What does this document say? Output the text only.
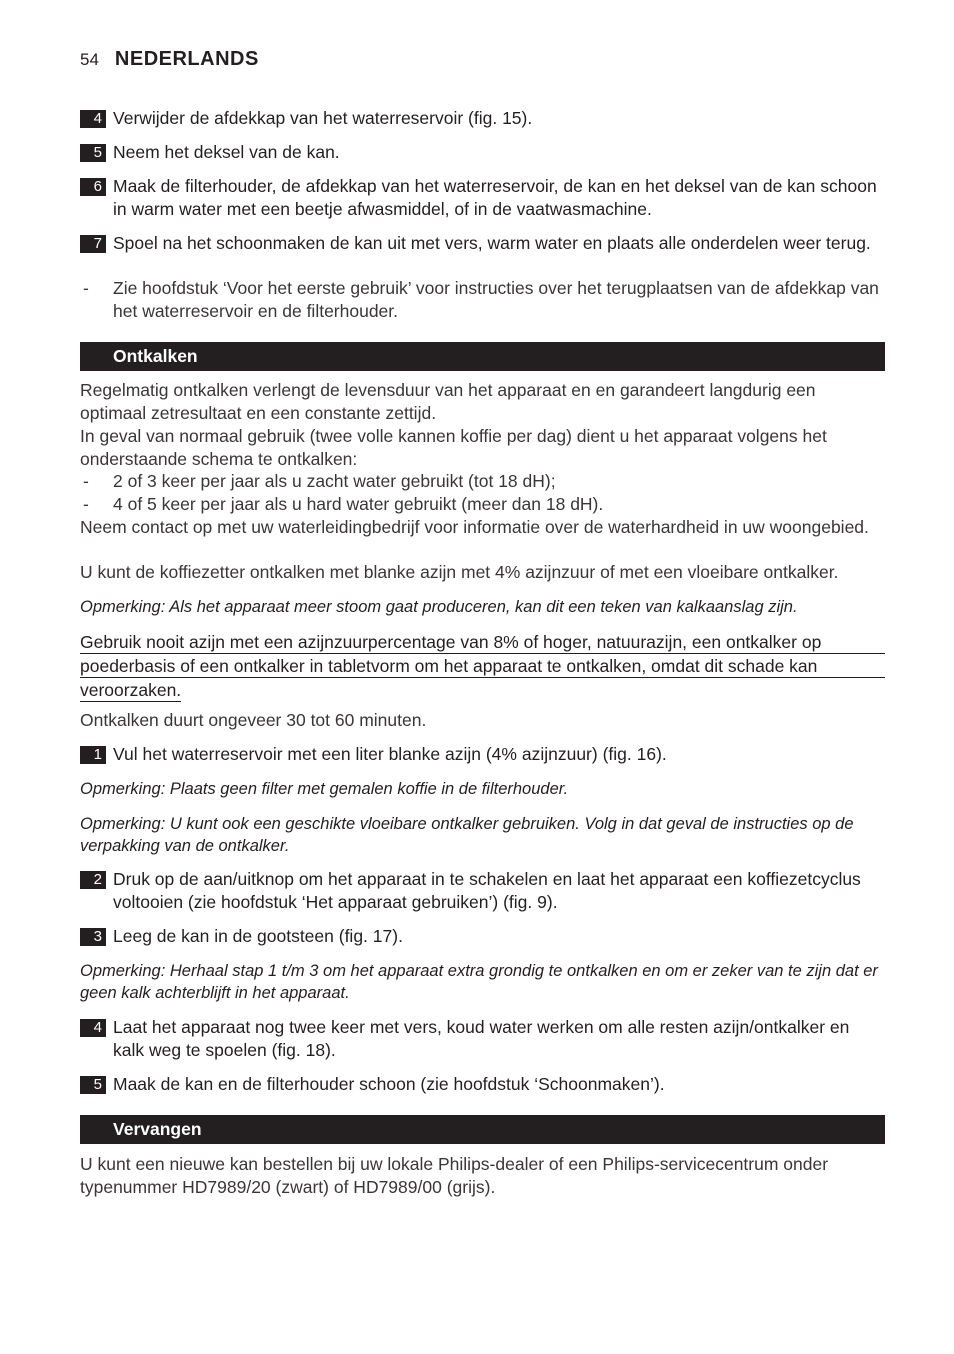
54 NEDERLANDS
4 Verwijder de afdekkap van het waterreservoir (fig. 15).
5 Neem het deksel van de kan.
6 Maak de filterhouder, de afdekkap van het waterreservoir, de kan en het deksel van de kan schoon in warm water met een beetje afwasmiddel, of in de vaatwasmachine.
7 Spoel na het schoonmaken de kan uit met vers, warm water en plaats alle onderdelen weer terug.
- Zie hoofdstuk ‘Voor het eerste gebruik’ voor instructies over het terugplaatsen van de afdekkap van het waterreservoir en de filterhouder.
Ontkalken
Regelmatig ontkalken verlengt de levensduur van het apparaat en en garandeert langdurig een optimaal zetresultaat en een constante zettijd.
In geval van normaal gebruik (twee volle kannen koffie per dag) dient u het apparaat volgens het onderstaande schema te ontkalken:
- 2 of 3 keer per jaar als u zacht water gebruikt (tot 18 dH);
- 4 of 5 keer per jaar als u hard water gebruikt (meer dan 18 dH).
Neem contact op met uw waterleidingbedrijf voor informatie over de waterhardheid in uw woongebied.
U kunt de koffiezetter ontkalken met blanke azijn met 4% azijnzuur of met een vloeibare ontkalker.
Opmerking: Als het apparaat meer stoom gaat produceren, kan dit een teken van kalkaanslag zijn.
Gebruik nooit azijn met een azijnzuurpercentage van 8% of hoger, natuurazijn, een ontkalker op
poederbasis of een ontkalker in tabletvorm om het apparaat te ontkalken, omdat dit schade kan
veroorzaken.
Ontkalken duurt ongeveer 30 tot 60 minuten.
1 Vul het waterreservoir met een liter blanke azijn (4% azijnzuur) (fig. 16).
Opmerking: Plaats geen filter met gemalen koffie in de filterhouder.
Opmerking: U kunt ook een geschikte vloeibare ontkalker gebruiken. Volg in dat geval de instructies op de verpakking van de ontkalker.
2 Druk op de aan/uitknop om het apparaat in te schakelen en laat het apparaat een koffiezetcyclus voltooien (zie hoofdstuk ‘Het apparaat gebruiken’) (fig. 9).
3 Leeg de kan in de gootsteen (fig. 17).
Opmerking: Herhaal stap 1 t/m 3 om het apparaat extra grondig te ontkalken en om er zeker van te zijn dat er geen kalk achterblijft in het apparaat.
4 Laat het apparaat nog twee keer met vers, koud water werken om alle resten azijn/ontkalker en kalk weg te spoelen (fig. 18).
5 Maak de kan en de filterhouder schoon (zie hoofdstuk ‘Schoonmaken’).
Vervangen
U kunt een nieuwe kan bestellen bij uw lokale Philips-dealer of een Philips-servicecentrum onder typenummer HD7989/20 (zwart) of HD7989/00 (grijs).
